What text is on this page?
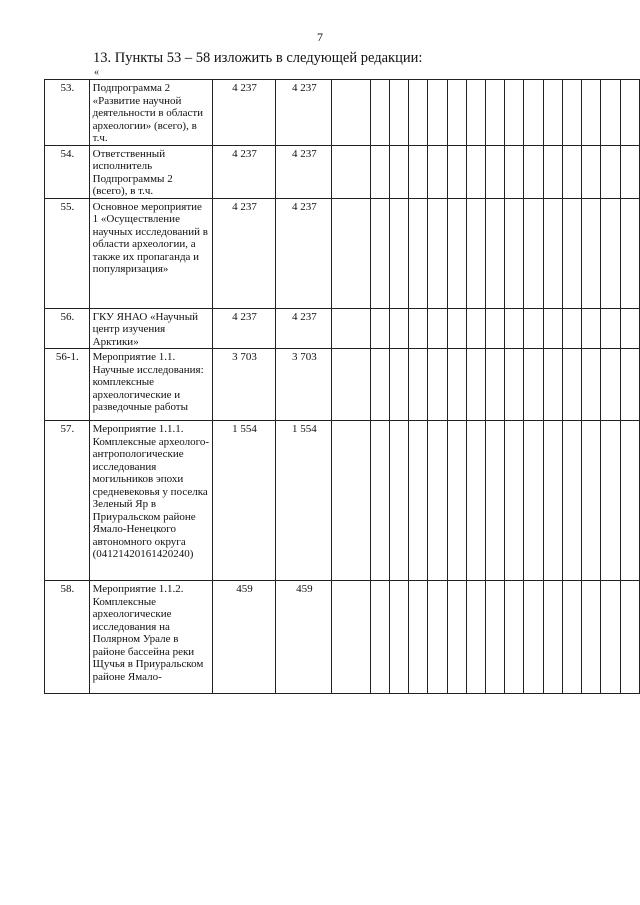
7
13. Пункты 53 – 58 изложить в следующей редакции:
«
53.	Подпрограмма 2 «Развитие научной деятельности в области археологии» (всего), в т.ч.	4 237	4 237															
54.	Ответственный исполнитель Подпрограммы 2 (всего), в т.ч.	4 237	4 237															
55.	Основное мероприятие 1 «Осуществление научных исследований в области археологии, а также их пропаганда и популяризация»	4 237	4 237															
56.	ГКУ ЯНАО «Научный центр изучения Арктики»	4 237	4 237															
56-1.	Мероприятие 1.1. Научные исследования: комплексные археологические и разведочные работы	3 703	3 703															
57.	Мероприятие 1.1.1. Комплексные археолого-антропологические исследования могильников эпохи средневековья у поселка Зеленый Яр в Приуральском районе Ямало-Ненецкого автономного округа (04121420161420240)	1 554	1 554															
58.	Мероприятие 1.1.2. Комплексные археологические исследования на Полярном Урале в районе бассейна реки Щучья в Приуральском районе Ямало-	459	459															
